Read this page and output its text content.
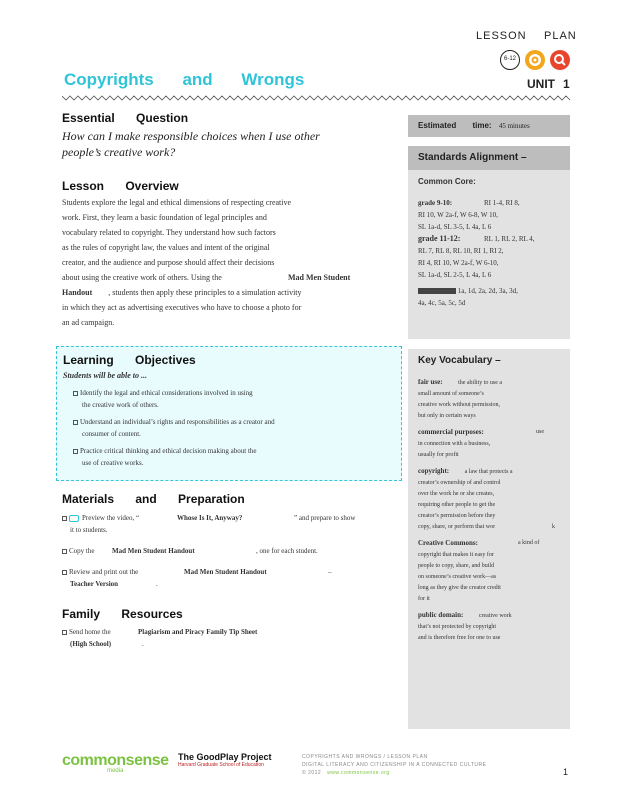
LESSON PLAN
6-12
UNIT 1
Copyrights and Wrongs
Essential Question
How can I make responsible choices when I use other
people’s creative work?
Estimated time: 45 minutes
Lesson Overview
Students explore the legal and ethical dimensions of respecting creative
work. First, they learn a basic foundation of legal principles and
vocabulary related to copyright. They understand how such factors
as the rules of copyright law, the values and intent of the original
creator, and the audience and purpose should affect their decisions
about using the creative work of others. Using the	Mad Men Student
Handout , students then apply these principles to a simulation activity
in which they act as advertising executives who have to choose a photo for
an ad campaign.
Standards Alignment –
Common Core:
grade 9-10:	RI 1-4, RI 8,
RI 10, W 2a-f, W 6-8, W 10,
SL 1a-d, SL 3-5, L 4a, L 6
grade 11-12:	RL 1, RL 2, RL 4,
RL 7, RL 8, RL 10, RI 1, RI 2,
RI 4, RI 10, W 2a-f, W 6-10,
SL 1a-d, SL 2-5, L 4a, L 6
1a, 1d, 2a, 2d, 3a, 3d,
4a, 4c, 5a, 5c, 5d
Learning Objectives
Students will be able to ...
Identify the legal and ethical considerations involved in using
the creative work of others.
Understand an individual’s rights and responsibilities as a creator and
consumer of content.
Practice critical thinking and ethical decision making about the
use of creative works.
Key Vocabulary –
fair use:	the ability to use a
small amount of someone’s
creative work without permission,
but only in certain ways
commercial purposes:	use
in connection with a business,
usually for profit
copyright:	a law that protects a
creator’s ownership of and control
over the work he or she creates,
requiring other people to get the
creator’s permission before they
copy, share, or perform that wor	k
Creative Commons:	a kind of
copyright that makes it easy for
people to copy, share, and build
on someone’s creative work—as
long as they give the creator credit
for it
public domain:	creative work
that’s not protected by copyright
and is therefore free for one to use
Materials and Preparation
Preview the video, “	Whose Is It, Anyway?	” and prepare to show
it to students.
Copy the	Mad Men Student Handout	, one for each student.
Review and print out the	Mad Men Student Handout	–
Teacher Version	.
Family Resources
Send home the	Plagiarism and Piracy Family Tip Sheet
(High School)	.
commonsense
media
The GoodPlay Project
Harvard Graduate School of Education
COPYRIGHTS AND WRONGS / LESSON PLAN
DIGITAL LITERACY AND CITIZENSHIP IN A CONNECTED CULTURE
© 2012 www.commonsense.org	1
